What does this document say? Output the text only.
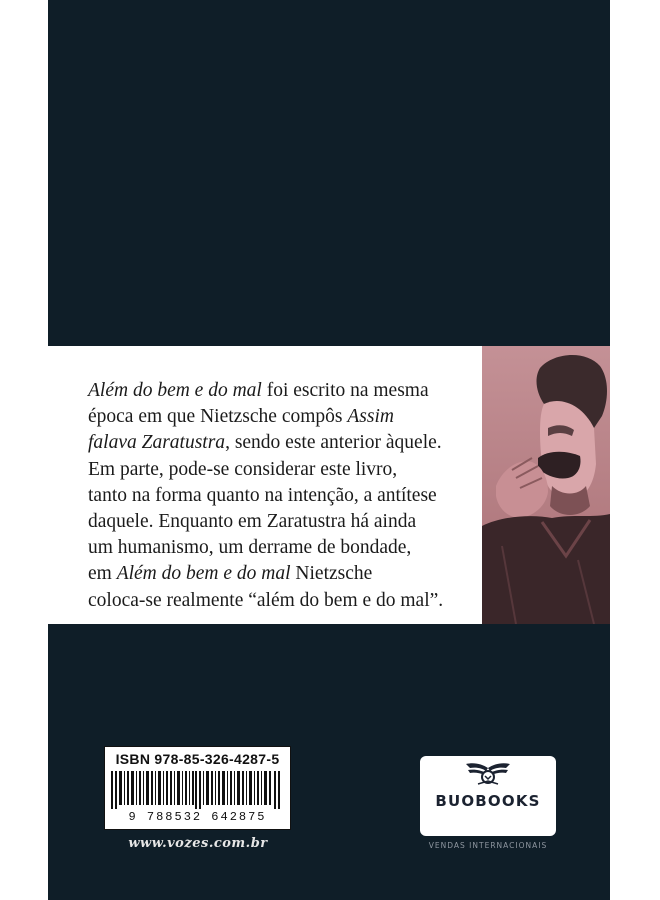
Além do bem e do mal foi escrito na mesma
época em que Nietzsche compôs Assim
falava Zaratustra, sendo este anterior àquele.
Em parte, pode-se considerar este livro,
tanto na forma quanto na intenção, a antítese
daquele. Enquanto em Zaratustra há ainda
um humanismo, um derrame de bondade,
em Além do bem e do mal Nietzsche
coloca-se realmente “além do bem e do mal”.
ISBN 978-85-326-4287-5
9 788532 642875
www.vozes.com.br
BUOBOOKS
VENDAS INTERNACIONAIS
